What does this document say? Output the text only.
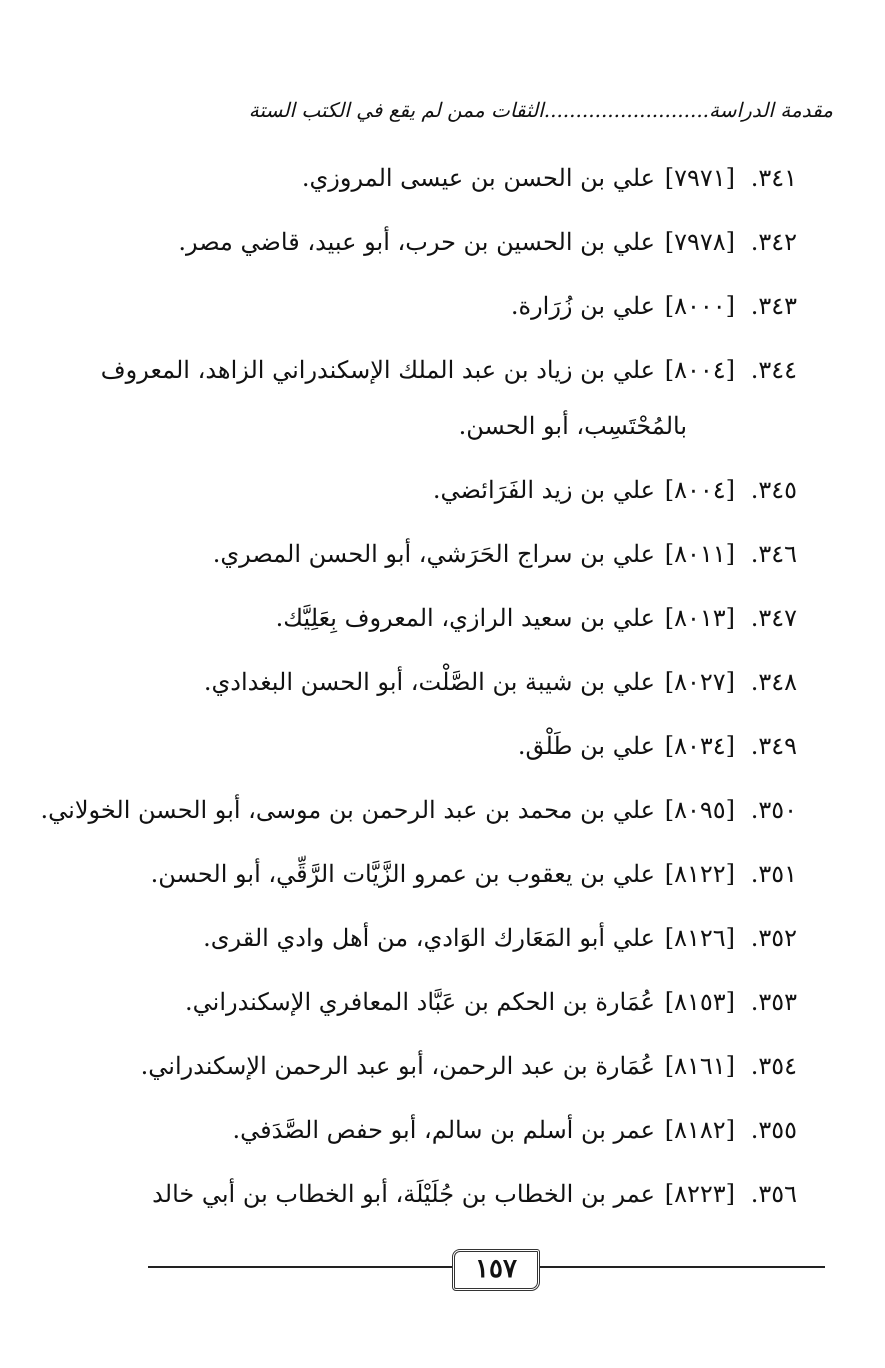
مقدمة الدراسة..........................الثقات ممن لم يقع في الكتب الستة
٣٤١.[٧٩٧١]علي بن الحسن بن عيسى المروزي.
٣٤٢.[٧٩٧٨]علي بن الحسين بن حرب، أبو عبيد، قاضي مصر.
٣٤٣.[٨٠٠٠]علي بن زُرَارة.
٣٤٤.[٨٠٠٤]علي بن زياد بن عبد الملك الإسكندراني الزاهد، المعروف بالمُحْتَسِب، أبو الحسن.
٣٤٥.[٨٠٠٤]علي بن زيد الفَرَائضي.
٣٤٦.[٨٠١١]علي بن سراج الحَرَشي، أبو الحسن المصري.
٣٤٧.[٨٠١٣]علي بن سعيد الرازي، المعروف بِعَلِيَّك.
٣٤٨.[٨٠٢٧]علي بن شيبة بن الصَّلْت، أبو الحسن البغدادي.
٣٤٩.[٨٠٣٤]علي بن طَلْق.
٣٥٠.[٨٠٩٥]علي بن محمد بن عبد الرحمن بن موسى، أبو الحسن الخولاني.
٣٥١.[٨١٢٢]علي بن يعقوب بن عمرو الزَّيَّات الرَّقِّي، أبو الحسن.
٣٥٢.[٨١٢٦]علي أبو المَعَارك الوَادي، من أهل وادي القرى.
٣٥٣.[٨١٥٣]عُمَارة بن الحكم بن عَبَّاد المعافري الإسكندراني.
٣٥٤.[٨١٦١]عُمَارة بن عبد الرحمن، أبو عبد الرحمن الإسكندراني.
٣٥٥.[٨١٨٢]عمر بن أسلم بن سالم، أبو حفص الصَّدَفي.
٣٥٦.[٨٢٢٣]عمر بن الخطاب بن جُلَيْلَة، أبو الخطاب بن أبي خالد
١٥٧
